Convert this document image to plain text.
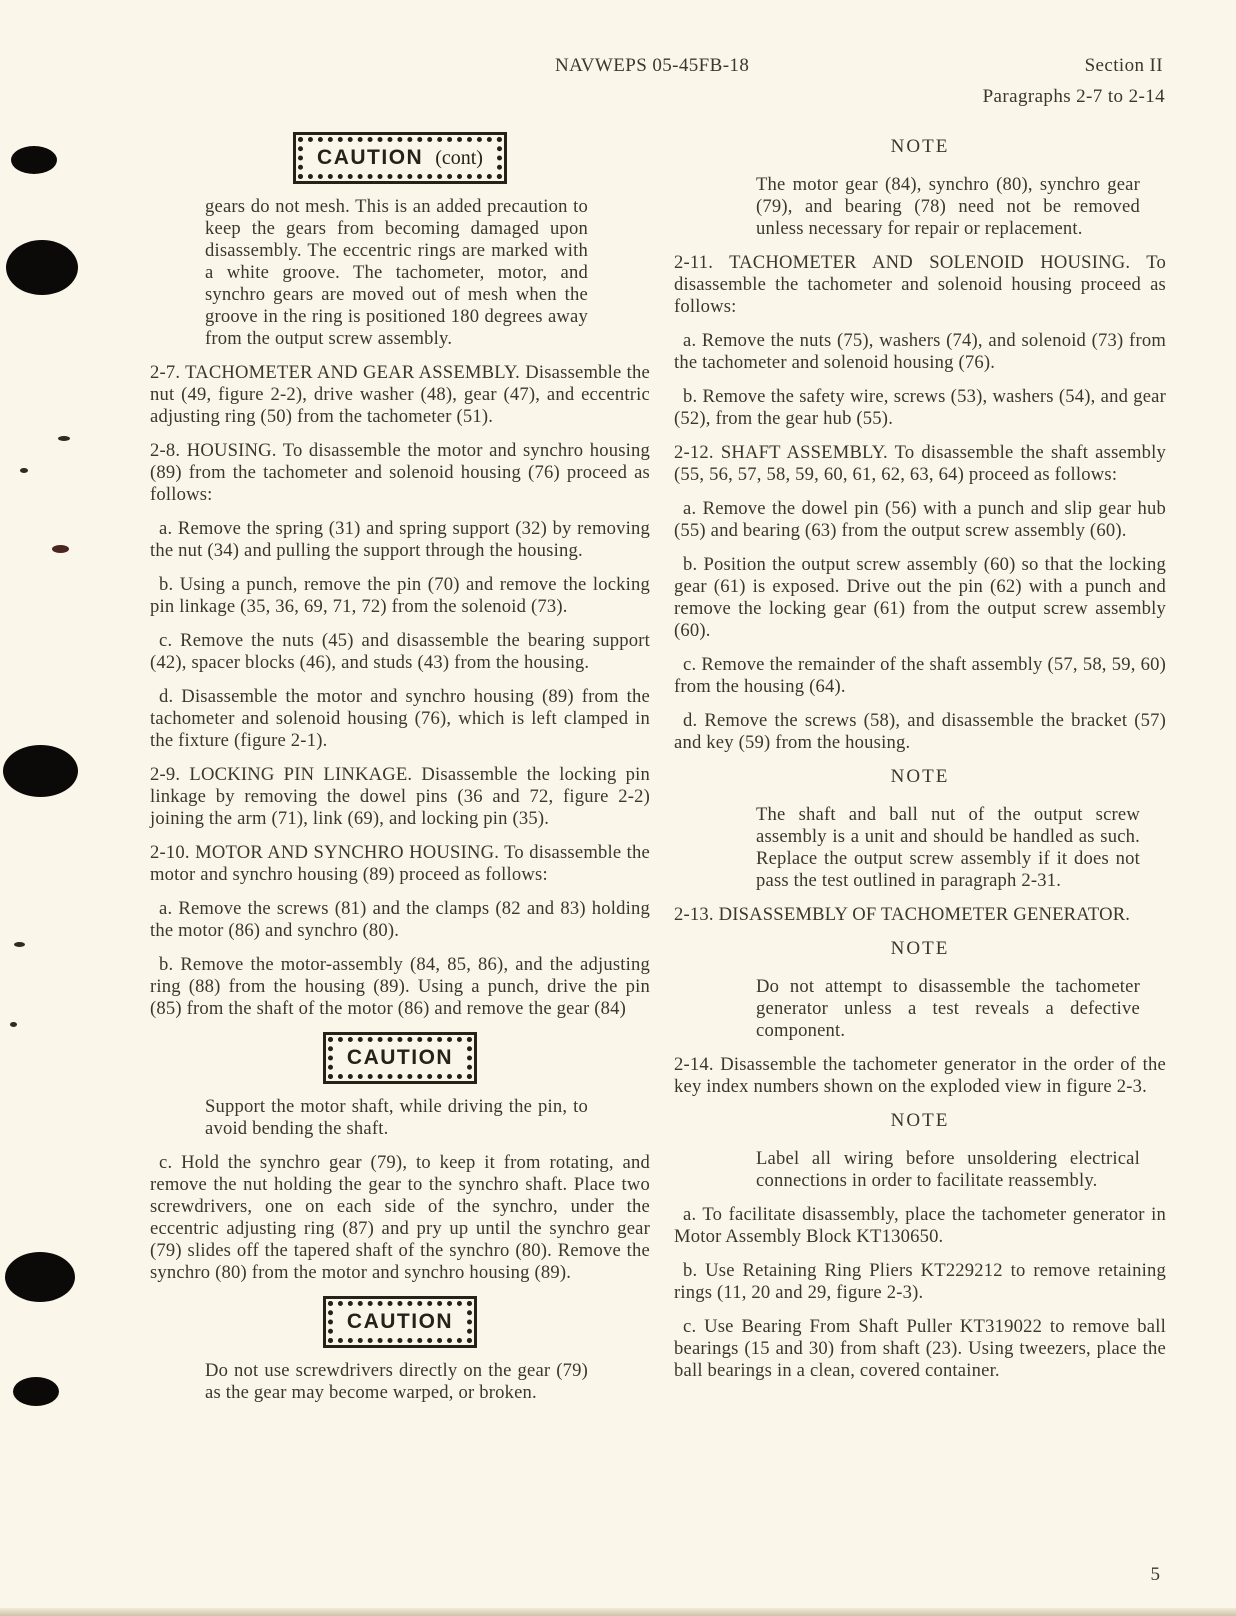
NAVWEPS 05-45FB-18	Section II
Paragraphs 2-7 to 2-14
CAUTION (cont)

gears do not mesh. This is an added precaution to keep the gears from becoming damaged upon disassembly. The eccentric rings are marked with a white groove. The tachometer, motor, and synchro gears are moved out of mesh when the groove in the ring is positioned 180 degrees away from the output screw assembly.

2-7. TACHOMETER AND GEAR ASSEMBLY. Disassemble the nut (49, figure 2-2), drive washer (48), gear (47), and eccentric adjusting ring (50) from the tachometer (51).

2-8. HOUSING. To disassemble the motor and synchro housing (89) from the tachometer and solenoid housing (76) proceed as follows:

a. Remove the spring (31) and spring support (32) by removing the nut (34) and pulling the support through the housing.

b. Using a punch, remove the pin (70) and remove the locking pin linkage (35, 36, 69, 71, 72) from the solenoid (73).

c. Remove the nuts (45) and disassemble the bearing support (42), spacer blocks (46), and studs (43) from the housing.

d. Disassemble the motor and synchro housing (89) from the tachometer and solenoid housing (76), which is left clamped in the fixture (figure 2-1).

2-9. LOCKING PIN LINKAGE. Disassemble the locking pin linkage by removing the dowel pins (36 and 72, figure 2-2) joining the arm (71), link (69), and locking pin (35).

2-10. MOTOR AND SYNCHRO HOUSING. To disassemble the motor and synchro housing (89) proceed as follows:

a. Remove the screws (81) and the clamps (82 and 83) holding the motor (86) and synchro (80).

b. Remove the motor-assembly (84, 85, 86), and the adjusting ring (88) from the housing (89). Using a punch, drive the pin (85) from the shaft of the motor (86) and remove the gear (84)

CAUTION

Support the motor shaft, while driving the pin, to avoid bending the shaft.

c. Hold the synchro gear (79), to keep it from rotating, and remove the nut holding the gear to the synchro shaft. Place two screwdrivers, one on each side of the synchro, under the eccentric adjusting ring (87) and pry up until the synchro gear (79) slides off the tapered shaft of the synchro (80). Remove the synchro (80) from the motor and synchro housing (89).

CAUTION

Do not use screwdrivers directly on the gear (79) as the gear may become warped, or broken.

NOTE

The motor gear (84), synchro (80), synchro gear (79), and bearing (78) need not be removed unless necessary for repair or replacement.

2-11. TACHOMETER AND SOLENOID HOUSING. To disassemble the tachometer and solenoid housing proceed as follows:

a. Remove the nuts (75), washers (74), and solenoid (73) from the tachometer and solenoid housing (76).

b. Remove the safety wire, screws (53), washers (54), and gear (52), from the gear hub (55).

2-12. SHAFT ASSEMBLY. To disassemble the shaft assembly (55, 56, 57, 58, 59, 60, 61, 62, 63, 64) proceed as follows:

a. Remove the dowel pin (56) with a punch and slip gear hub (55) and bearing (63) from the output screw assembly (60).

b. Position the output screw assembly (60) so that the locking gear (61) is exposed. Drive out the pin (62) with a punch and remove the locking gear (61) from the output screw assembly (60).

c. Remove the remainder of the shaft assembly (57, 58, 59, 60) from the housing (64).

d. Remove the screws (58), and disassemble the bracket (57) and key (59) from the housing.

NOTE

The shaft and ball nut of the output screw assembly is a unit and should be handled as such. Replace the output screw assembly if it does not pass the test outlined in paragraph 2-31.

2-13. DISASSEMBLY OF TACHOMETER GENERATOR.

NOTE

Do not attempt to disassemble the tachometer generator unless a test reveals a defective component.

2-14. Disassemble the tachometer generator in the order of the key index numbers shown on the exploded view in figure 2-3.

NOTE

Label all wiring before unsoldering electrical connections in order to facilitate reassembly.

a. To facilitate disassembly, place the tachometer generator in Motor Assembly Block KT130650.

b. Use Retaining Ring Pliers KT229212 to remove retaining rings (11, 20 and 29, figure 2-3).

c. Use Bearing From Shaft Puller KT319022 to remove ball bearings (15 and 30) from shaft (23). Using tweezers, place the ball bearings in a clean, covered container.

5
